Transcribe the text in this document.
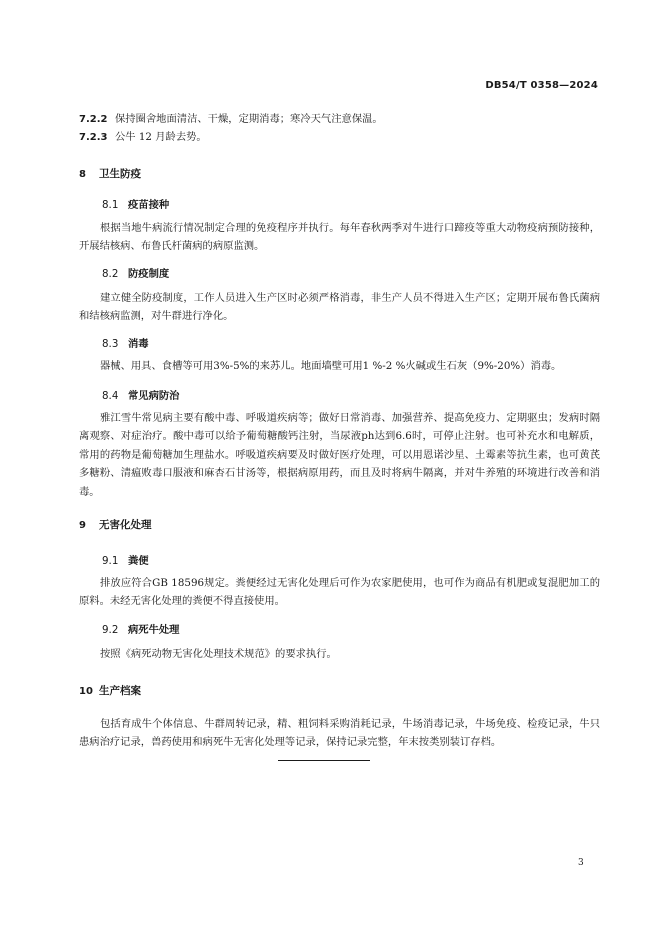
DB54/T 0358—2024
7.2.2 保持圈舍地面清洁、干燥，定期消毒；寒冷天气注意保温。
7.2.3 公牛 12 月龄去势。
8 卫生防疫
8.1 疫苗接种
根据当地牛病流行情况制定合理的免疫程序并执行。每年春秋两季对牛进行口蹄疫等重大动物疫病预防接种，开展结核病、布鲁氏杆菌病的病原监测。
8.2 防疫制度
建立健全防疫制度，工作人员进入生产区时必须严格消毒，非生产人员不得进入生产区；定期开展布鲁氏菌病和结核病监测，对牛群进行净化。
8.3 消毒
器械、用具、食槽等可用3%-5%的来苏儿。地面墙壁可用1 %-2 %火碱或生石灰（9%-20%）消毒。
8.4 常见病防治
雅江雪牛常见病主要有酸中毒、呼吸道疾病等；做好日常消毒、加强营养、提高免疫力、定期驱虫；发病时隔离观察、对症治疗。酸中毒可以给予葡萄糖酸钙注射，当尿液ph达到6.6时，可停止注射。也可补充水和电解质，常用的药物是葡萄糖加生理盐水。呼吸道疾病要及时做好医疗处理，可以用恩诺沙星、土霉素等抗生素，也可黄芪多糖粉、清瘟败毒口服液和麻杏石甘汤等，根据病原用药，而且及时将病牛隔离，并对牛养殖的环境进行改善和消毒。
9 无害化处理
9.1 粪便
排放应符合GB 18596规定。粪便经过无害化处理后可作为农家肥使用，也可作为商品有机肥或复混肥加工的原料。未经无害化处理的粪便不得直接使用。
9.2 病死牛处理
按照《病死动物无害化处理技术规范》的要求执行。
10 生产档案
包括育成牛个体信息、牛群周转记录，精、粗饲料采购消耗记录，牛场消毒记录，牛场免疫、检疫记录，牛只患病治疗记录，兽药使用和病死牛无害化处理等记录，保持记录完整，年末按类别装订存档。
3
